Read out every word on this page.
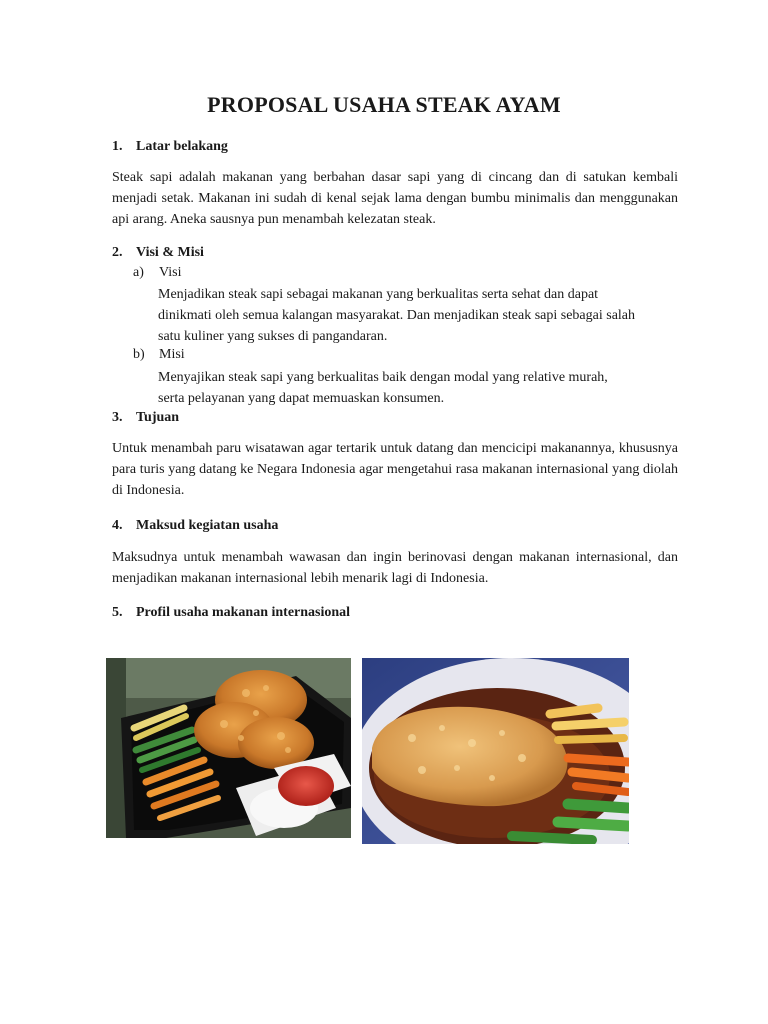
PROPOSAL USAHA STEAK AYAM
1. Latar belakang
Steak sapi adalah makanan yang berbahan dasar sapi yang di cincang dan di satukan kembali menjadi setak. Makanan ini sudah di kenal sejak lama dengan bumbu minimalis dan menggunakan api arang. Aneka sausnya pun menambah kelezatan steak.
2. Visi & Misi
a) Visi
Menjadikan steak sapi sebagai makanan yang berkualitas serta sehat dan dapat
dinikmati oleh semua kalangan masyarakat. Dan menjadikan steak sapi sebagai salah
satu kuliner yang sukses di pangandaran.
b) Misi
Menyajikan steak sapi yang berkualitas baik dengan modal yang relative murah,
serta pelayanan yang dapat memuaskan konsumen.
3. Tujuan
Untuk menambah paru wisatawan agar tertarik untuk datang dan mencicipi makanannya, khususnya para turis yang datang ke Negara Indonesia agar mengetahui rasa makanan internasional yang diolah di Indonesia.
4. Maksud kegiatan usaha
Maksudnya untuk menambah wawasan dan ingin berinovasi dengan makanan internasional, dan menjadikan makanan internasional lebih menarik lagi di Indonesia.
5. Profil usaha makanan internasional
